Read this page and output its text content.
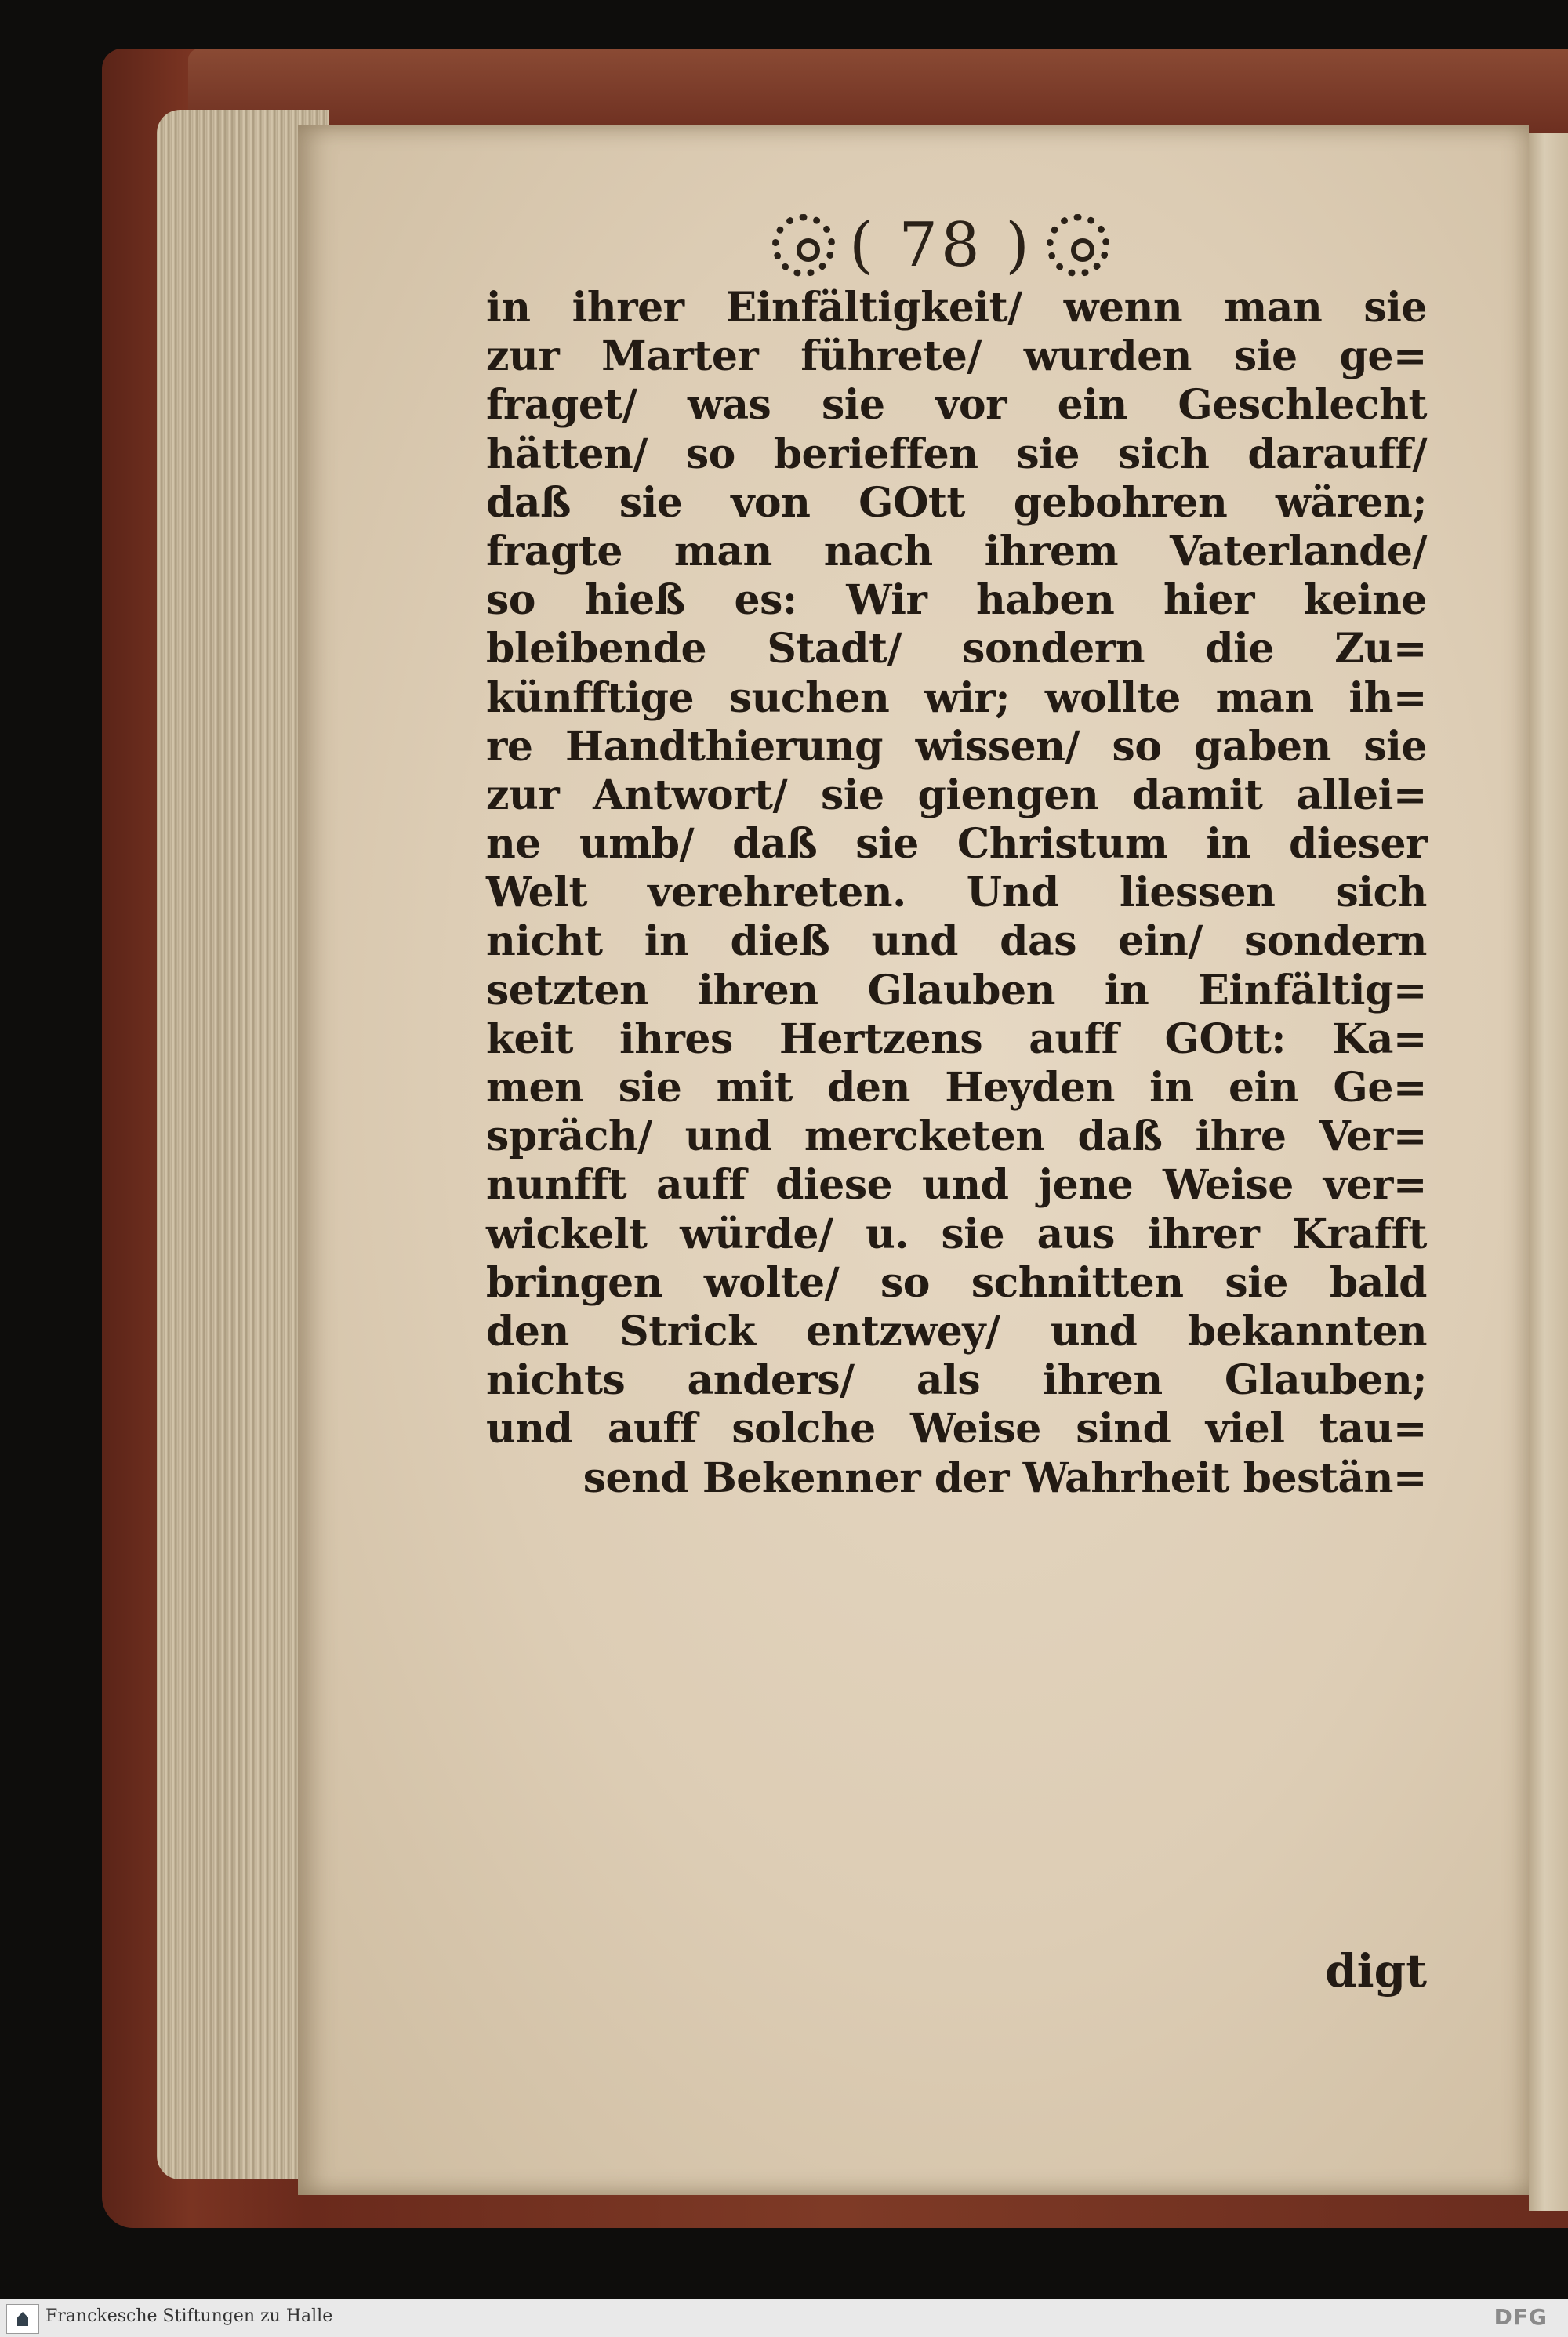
( 78 )
in ihrer Einfältigkeit/ wenn man sie
zur Marter führete/ wurden sie ge=
fraget/ was sie vor ein Geschlecht
hätten/ so berieffen sie sich darauff/
daß sie von GOtt gebohren wären;
fragte man nach ihrem Vaterlande/
so hieß es: Wir haben hier keine
bleibende Stadt/ sondern die Zu=
künfftige suchen wir; wollte man ih=
re Handthierung wissen/ so gaben sie
zur Antwort/ sie giengen damit allei=
ne umb/ daß sie Christum in dieser
Welt verehreten. Und liessen sich
nicht in dieß und das ein/ sondern
setzten ihren Glauben in Einfältig=
keit ihres Hertzens auff GOtt: Ka=
men sie mit den Heyden in ein Ge=
spräch/ und mercketen daß ihre Ver=
nunfft auff diese und jene Weise ver=
wickelt würde/ u. sie aus ihrer Krafft
bringen wolte/ so schnitten sie bald
den Strick entzwey/ und bekannten
nichts anders/ als ihren Glauben;
und auff solche Weise sind viel tau=
send Bekenner der Wahrheit bestän=
digt
Franckesche Stiftungen zu Halle	DFG
